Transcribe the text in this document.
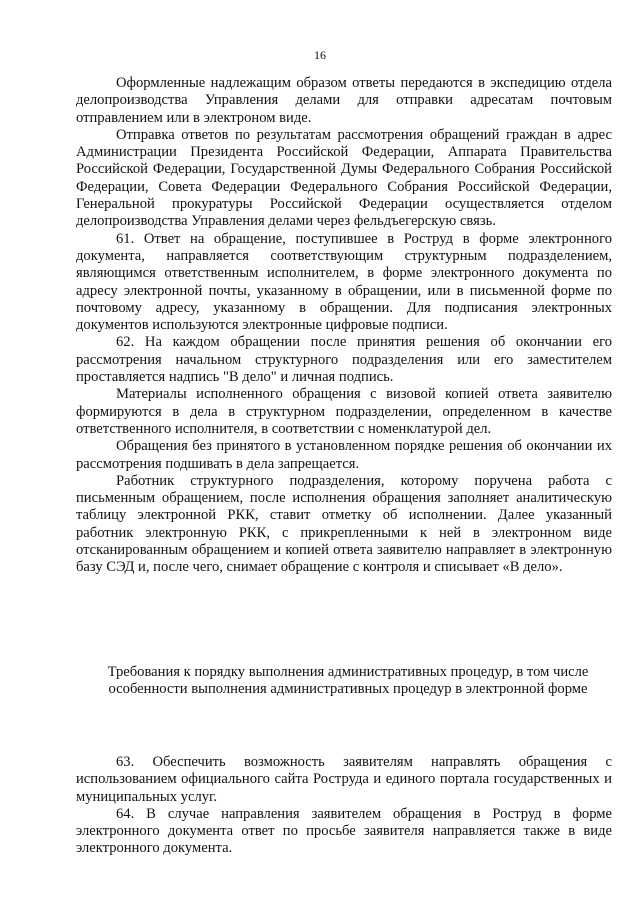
16

Оформленные надлежащим образом ответы передаются в экспедицию отдела делопроизводства Управления делами для отправки адресатам почтовым отправлением или в электроном виде.

Отправка ответов по результатам рассмотрения обращений граждан в адрес Администрации Президента Российской Федерации, Аппарата Правительства Российской Федерации, Государственной Думы Федерального Собрания Российской Федерации, Совета Федерации Федерального Собрания Российской Федерации, Генеральной прокуратуры Российской Федерации осуществляется отделом делопроизводства Управления делами через фельдъегерскую связь.

61. Ответ на обращение, поступившее в Роструд в форме электронного документа, направляется соответствующим структурным подразделением, являющимся ответственным исполнителем, в форме электронного документа по адресу электронной почты, указанному в обращении, или в письменной форме по почтовому адресу, указанному в обращении. Для подписания электронных документов используются электронные цифровые подписи.

62. На каждом обращении после принятия решения об окончании его рассмотрения начальном структурного подразделения или его заместителем проставляется надпись "В дело" и личная подпись.

Материалы исполненного обращения с визовой копией ответа заявителю формируются в дела в структурном подразделении, определенном в качестве ответственного исполнителя, в соответствии с номенклатурой дел.

Обращения без принятого в установленном порядке решения об окончании их рассмотрения подшивать в дела запрещается.

Работник структурного подразделения, которому поручена работа с письменным обращением, после исполнения обращения заполняет аналитическую таблицу электронной РКК, ставит отметку об исполнении. Далее указанный работник электронную РКК, с прикрепленными к ней в электронном виде отсканированным обращением и копией ответа заявителю направляет в электронную базу СЭД и, после чего, снимает обращение с контроля и списывает «В дело».

Требования к порядку выполнения административных процедур, в том числе особенности выполнения административных процедур в электронной форме

63. Обеспечить возможность заявителям направлять обращения с использованием официального сайта Роструда и единого портала государственных и муниципальных услуг.

64. В случае направления заявителем обращения в Роструд в форме электронного документа ответ по просьбе заявителя направляется также в виде электронного документа.
